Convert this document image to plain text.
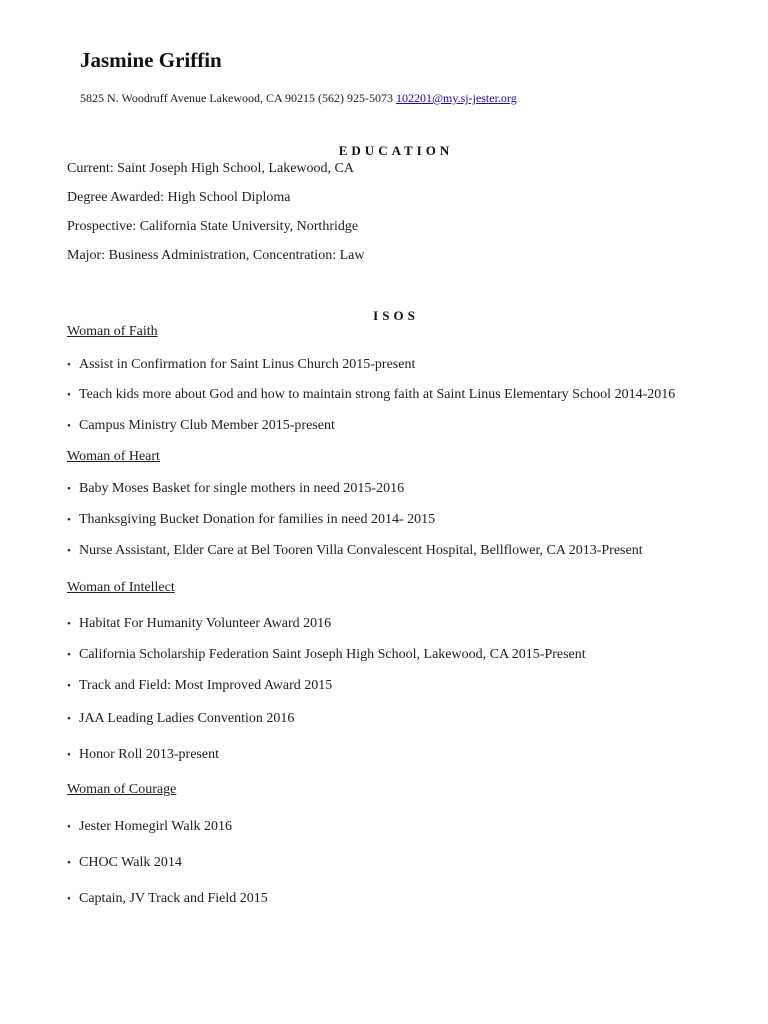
Jasmine Griffin
5825 N. Woodruff Avenue Lakewood, CA 90215 (562) 925-5073 102201@my.sj-jester.org
EDUCATION
Current: Saint Joseph High School, Lakewood, CA
Degree Awarded: High School Diploma
Prospective: California State University, Northridge
Major: Business Administration, Concentration: Law
ISOS
Woman of Faith
• Assist in Confirmation for Saint Linus Church 2015-present
• Teach kids more about God and how to maintain strong faith at Saint Linus Elementary School 2014-2016
• Campus Ministry Club Member 2015-present
Woman of Heart
• Baby Moses Basket for single mothers in need 2015-2016
• Thanksgiving Bucket Donation for families in need 2014- 2015
• Nurse Assistant, Elder Care at Bel Tooren Villa Convalescent Hospital, Bellflower, CA 2013-Present
Woman of Intellect
• Habitat For Humanity Volunteer Award 2016
• California Scholarship Federation Saint Joseph High School, Lakewood, CA 2015-Present
• Track and Field: Most Improved Award 2015
• JAA Leading Ladies Convention 2016
• Honor Roll 2013-present
Woman of Courage
• Jester Homegirl Walk 2016
• CHOC Walk 2014
• Captain, JV Track and Field 2015
